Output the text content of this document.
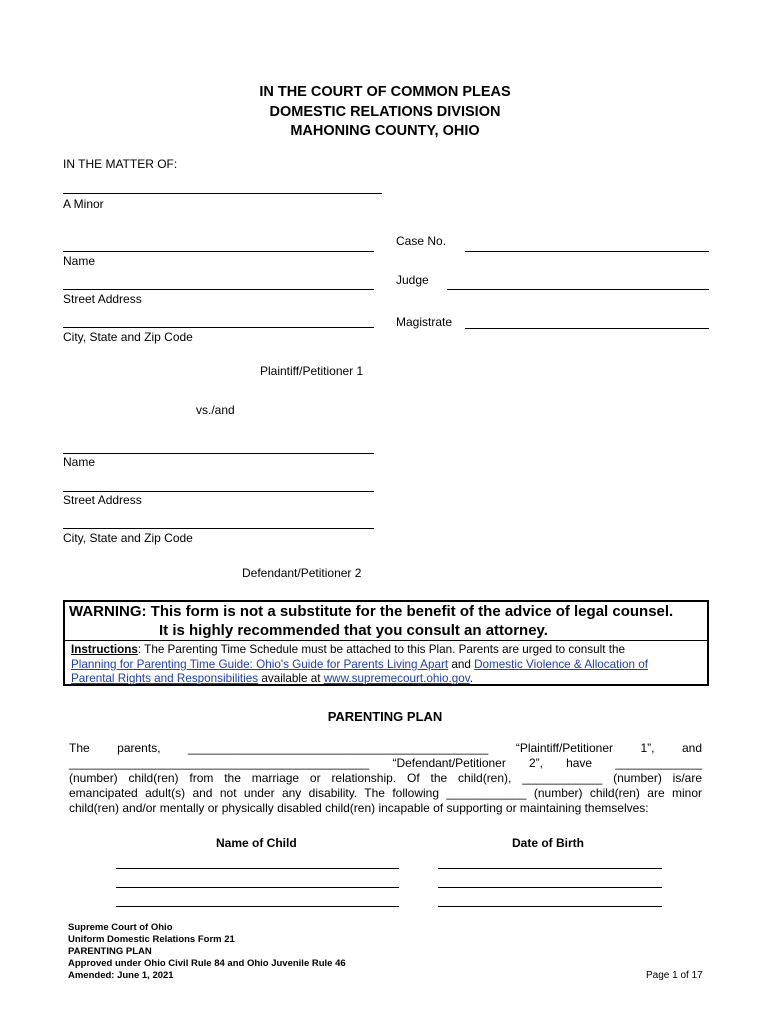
IN THE COURT OF COMMON PLEAS
DOMESTIC RELATIONS DIVISION
MAHONING COUNTY, OHIO
IN THE MATTER OF:
A Minor
Case No.
Judge
Magistrate
Name
Street Address
City, State and Zip Code
Plaintiff/Petitioner 1
vs./and
Name
Street Address
City, State and Zip Code
Defendant/Petitioner 2
WARNING: This form is not a substitute for the benefit of the advice of legal counsel.
It is highly recommended that you consult an attorney.
Instructions: The Parenting Time Schedule must be attached to this Plan. Parents are urged to consult the
Planning for Parenting Time Guide: Ohio's Guide for Parents Living Apart and Domestic Violence & Allocation of
Parental Rights and Responsibilities available at www.supremecourt.ohio.gov.
PARENTING PLAN
The parents, _____________________________________________ “Plaintiff/Petitioner 1”, and
_____________________________________________ “Defendant/Petitioner 2”, have _____________
(number) child(ren) from the marriage or relationship. Of the child(ren), ____________ (number) is/are
emancipated adult(s) and not under any disability. The following ____________ (number) child(ren) are minor
child(ren) and/or mentally or physically disabled child(ren) incapable of supporting or maintaining themselves:
Name of Child	Date of Birth
Supreme Court of Ohio
Uniform Domestic Relations Form 21
PARENTING PLAN
Approved under Ohio Civil Rule 84 and Ohio Juvenile Rule 46
Amended: June 1, 2021	Page 1 of 17
